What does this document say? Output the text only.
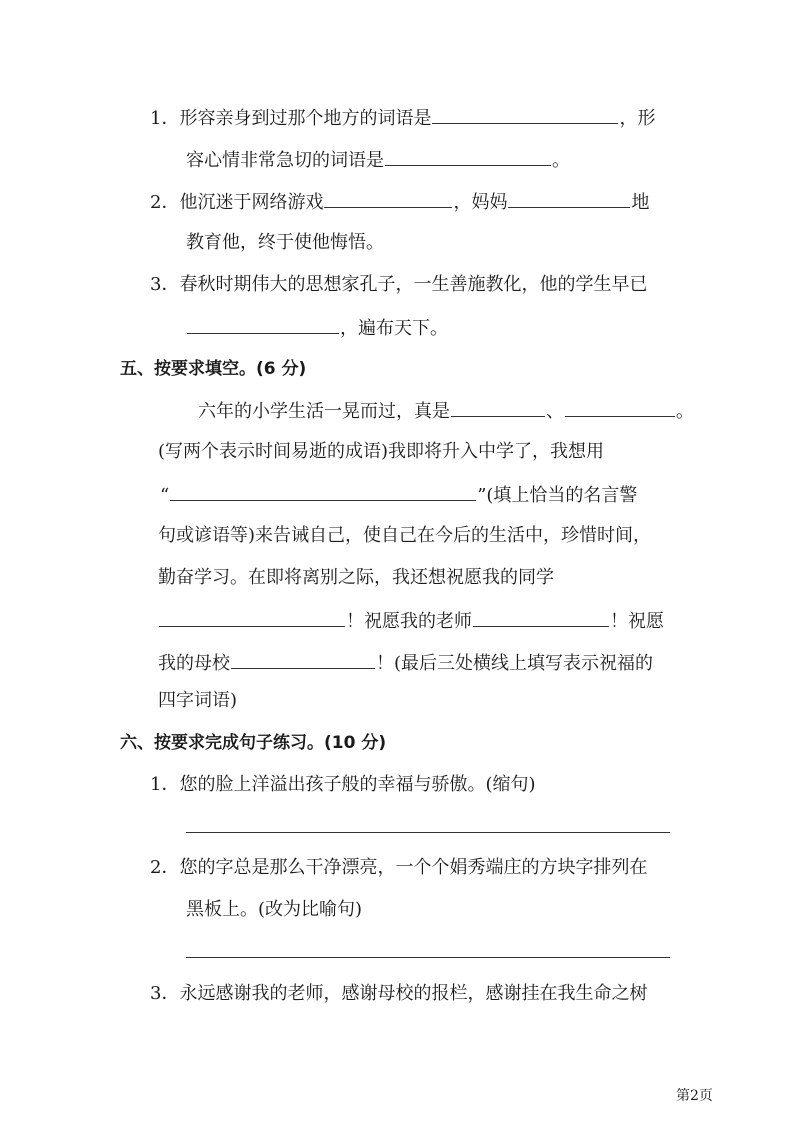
1．形容亲身到过那个地方的词语是	，形
容心情非常急切的词语是	。
2．他沉迷于网络游戏	，妈妈	地
教育他，终于使他悔悟。
3．春秋时期伟大的思想家孔子，一生善施教化，他的学生早已
，遍布天下。
五、按要求填空。(6 分)
六年的小学生活一晃而过，真是	、	。
(写两个表示时间易逝的成语)我即将升入中学了，我想用
“	”(填上恰当的名言警
句或谚语等)来告诫自己，使自己在今后的生活中，珍惜时间，
勤奋学习。在即将离别之际，我还想祝愿我的同学
！祝愿我的老师	！祝愿
我的母校	！(最后三处横线上填写表示祝福的
四字词语)
六、按要求完成句子练习。(10 分)
1．您的脸上洋溢出孩子般的幸福与骄傲。(缩句)
2．您的字总是那么干净漂亮，一个个娟秀端庄的方块字排列在
黑板上。(改为比喻句)
3．永远感谢我的老师，感谢母校的报栏，感谢挂在我生命之树
第2页
